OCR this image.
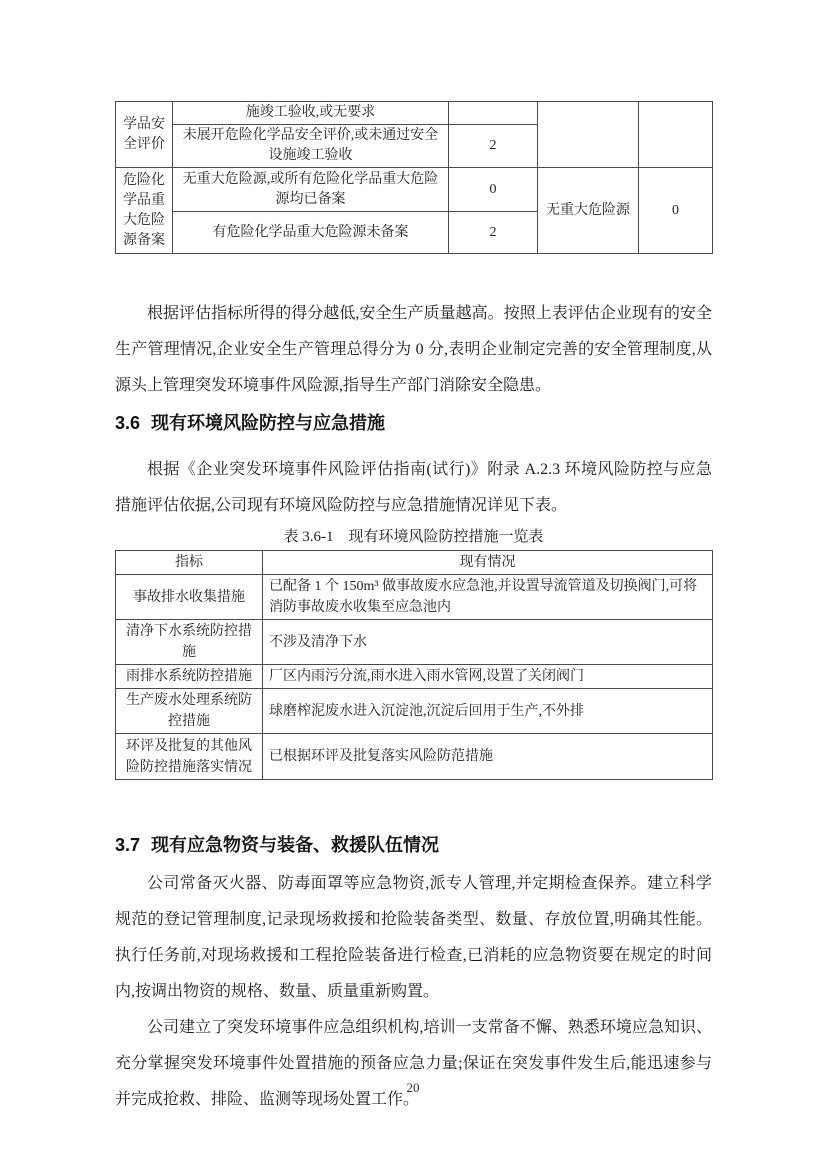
学品安全评价	施竣工验收,或无要求			
	未展开危险化学品安全评价,或未通过安全设施竣工验收	2		
危险化学品重大危险源备案	无重大危险源,或所有危险化学品重大危险源均已备案	0	无重大危险源	0
	有危险化学品重大危险源未备案	2		

根据评估指标所得的得分越低,安全生产质量越高。按照上表评估企业现有的安全生产管理情况,企业安全生产管理总得分为 0 分,表明企业制定完善的安全管理制度,从源头上管理突发环境事件风险源,指导生产部门消除安全隐患。

3.6 现有环境风险防控与应急措施

根据《企业突发环境事件风险评估指南(试行)》附录 A.2.3 环境风险防控与应急措施评估依据,公司现有环境风险防控与应急措施情况详见下表。

表 3.6-1　现有环境风险防控措施一览表
指标	现有情况
事故排水收集措施	已配备 1 个 150m³ 做事故废水应急池,并设置导流管道及切换阀门,可将消防事故废水收集至应急池内
清净下水系统防控措施	不涉及清净下水
雨排水系统防控措施	厂区内雨污分流,雨水进入雨水管网,设置了关闭阀门
生产废水处理系统防控措施	球磨榨泥废水进入沉淀池,沉淀后回用于生产,不外排
环评及批复的其他风险防控措施落实情况	已根据环评及批复落实风险防范措施
3.7 现有应急物资与装备、救援队伍情况

公司常备灭火器、防毒面罩等应急物资,派专人管理,并定期检查保养。建立科学规范的登记管理制度,记录现场救援和抢险装备类型、数量、存放位置,明确其性能。执行任务前,对现场救援和工程抢险装备进行检查,已消耗的应急物资要在规定的时间内,按调出物资的规格、数量、质量重新购置。

公司建立了突发环境事件应急组织机构,培训一支常备不懈、熟悉环境应急知识、充分掌握突发环境事件处置措施的预备应急力量;保证在突发事件发生后,能迅速参与并完成抢救、排险、监测等现场处置工作。

20
